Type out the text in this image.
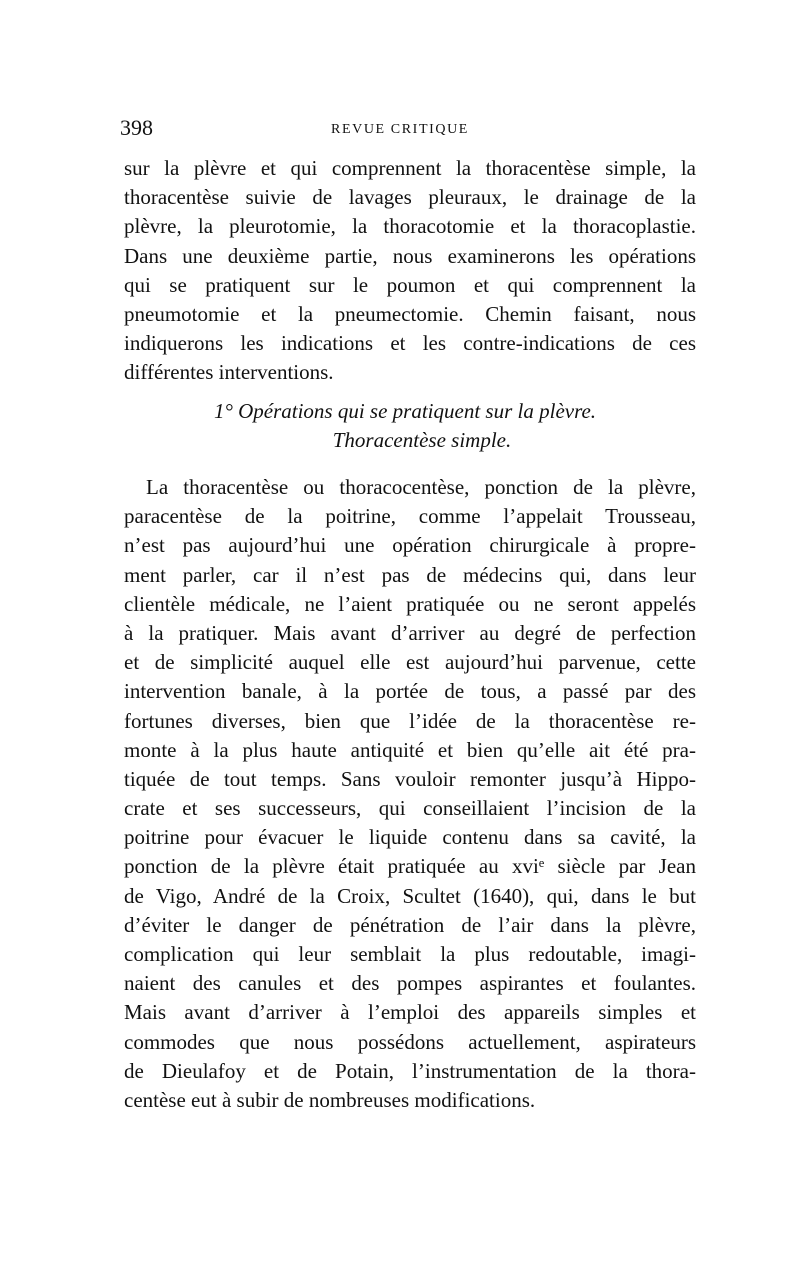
398	REVUE CRITIQUE
sur la plèvre et qui comprennent la thoracentèse simple, la
thoracentèse suivie de lavages pleuraux, le drainage de la
plèvre, la pleurotomie, la thoracotomie et la thoracoplastie.
Dans une deuxième partie, nous examinerons les opérations
qui se pratiquent sur le poumon et qui comprennent la
pneumotomie et la pneumectomie. Chemin faisant, nous
indiquerons les indications et les contre-indications de ces
différentes interventions.
1° Opérations qui se pratiquent sur la plèvre.
Thoracentèse simple.
La thoracentèse ou thoracocentèse, ponction de la plèvre,
paracentèse de la poitrine, comme l’appelait Trousseau,
n’est pas aujourd’hui une opération chirurgicale à propre-
ment parler, car il n’est pas de médecins qui, dans leur
clientèle médicale, ne l’aient pratiquée ou ne seront appelés
à la pratiquer. Mais avant d’arriver au degré de perfection
et de simplicité auquel elle est aujourd’hui parvenue, cette
intervention banale, à la portée de tous, a passé par des
fortunes diverses, bien que l’idée de la thoracentèse re-
monte à la plus haute antiquité et bien qu’elle ait été pra-
tiquée de tout temps. Sans vouloir remonter jusqu’à Hippo-
crate et ses successeurs, qui conseillaient l’incision de la
poitrine pour évacuer le liquide contenu dans sa cavité, la
ponction de la plèvre était pratiquée au xviᵉ siècle par Jean
de Vigo, André de la Croix, Scultet (1640), qui, dans le but
d’éviter le danger de pénétration de l’air dans la plèvre,
complication qui leur semblait la plus redoutable, imagi-
naient des canules et des pompes aspirantes et foulantes.
Mais avant d’arriver à l’emploi des appareils simples et
commodes que nous possédons actuellement, aspirateurs
de Dieulafoy et de Potain, l’instrumentation de la thora-
centèse eut à subir de nombreuses modifications.
